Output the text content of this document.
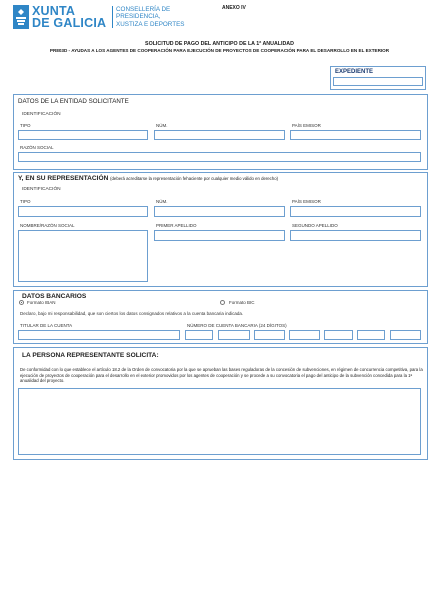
XUNTA
DE GALICIA
CONSELLERÍA DE
PRESIDENCIA,
XUSTIZA E DEPORTES
ANEXO IV
SOLICITUD DE PAGO DEL ANTICIPO DE LA 1ª ANUALIDAD
PR803D - AYUDAS A LOS AGENTES DE COOPERACIÓN PARA EJECUCIÓN DE PROYECTOS DE COOPERACIÓN PARA EL DESARROLLO EN EL EXTERIOR
EXPEDIENTE
DATOS DE LA ENTIDAD SOLICITANTE
IDENTIFICACIÓN
TIPO	NÚM.	PAÍS EMISOR
RAZÓN SOCIAL
Y, EN SU REPRESENTACIÓN (deberá acreditarse la representación fehaciente por cualquier medio válido en derecho)
IDENTIFICACIÓN
TIPO	NÚM.	PAÍS EMISOR
NOMBRE/RAZÓN SOCIAL	PRIMER APELLIDO	SEGUNDO APELLIDO
DATOS BANCARIOS
Formato IBAN	Formato BIC
Declaro, bajo mi responsabilidad, que son ciertos los datos consignados relativos a la cuenta bancaria indicada.
TITULAR DE LA CUENTA	NÚMERO DE CUENTA BANCARIA (24 DÍGITOS)
LA PERSONA REPRESENTANTE SOLICITA:
De conformidad con lo que establece el artículo 18.2 de la Orden de convocatoria por la que se aprueban las bases reguladoras de la concesión de subvenciones, en régimen de concurrencia competitiva, para la ejecución de proyectos de cooperación para el desarrollo en el exterior promovidos por los agentes de cooperación y se procede a su convocatoria el pago del anticipo de la subvención concedida para la 1ª anualidad del proyecto.
